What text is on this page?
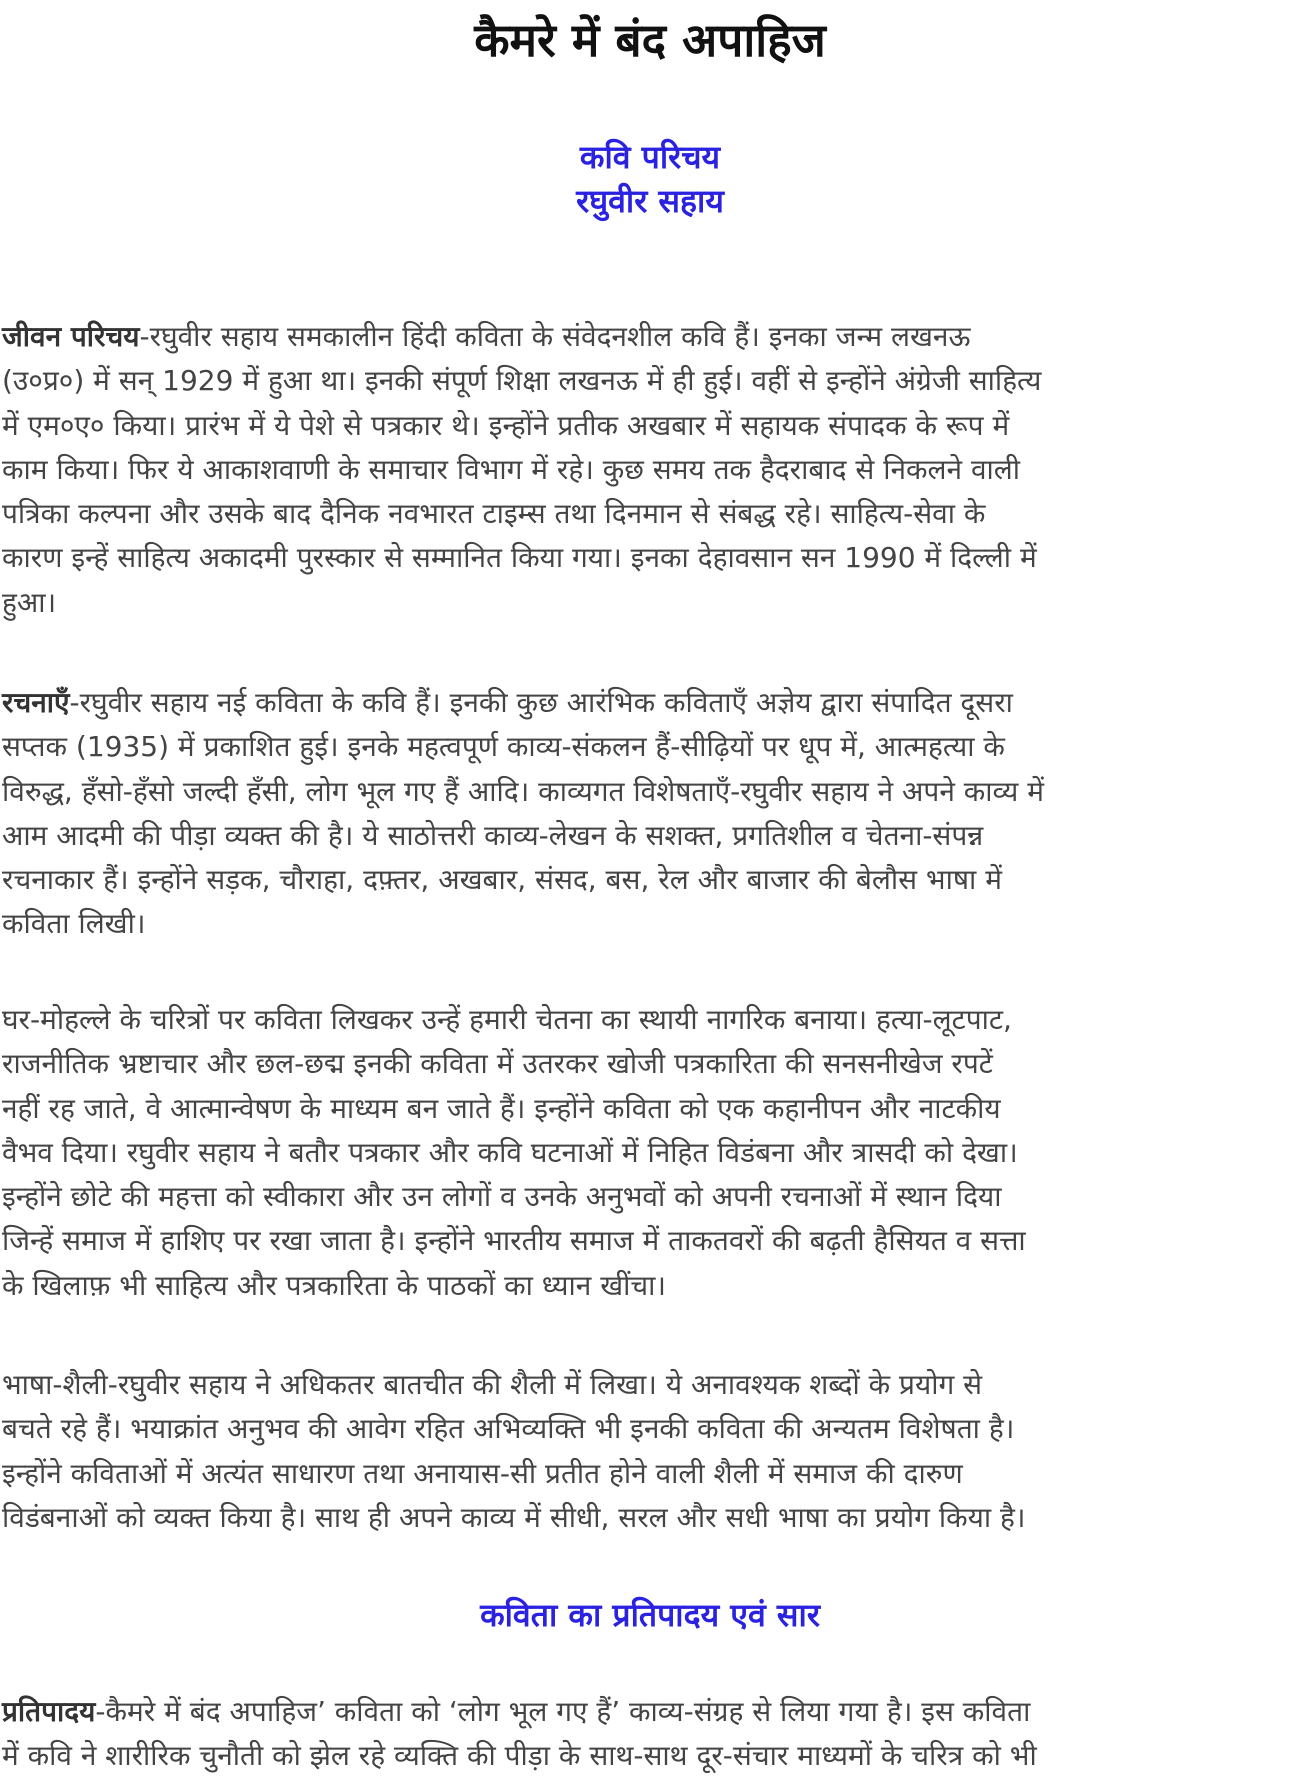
कैमरे में बंद अपाहिज
कवि परिचय
रघुवीर सहाय
जीवन परिचय-रघुवीर सहाय समकालीन हिंदी कविता के संवेदनशील कवि हैं। इनका जन्म लखनऊ
(उ०प्र०) में सन् 1929 में हुआ था। इनकी संपूर्ण शिक्षा लखनऊ में ही हुई। वहीं से इन्होंने अंग्रेजी साहित्य
में एम०ए० किया। प्रारंभ में ये पेशे से पत्रकार थे। इन्होंने प्रतीक अखबार में सहायक संपादक के रूप में
काम किया। फिर ये आकाशवाणी के समाचार विभाग में रहे। कुछ समय तक हैदराबाद से निकलने वाली
पत्रिका कल्पना और उसके बाद दैनिक नवभारत टाइम्स तथा दिनमान से संबद्ध रहे। साहित्य-सेवा के
कारण इन्हें साहित्य अकादमी पुरस्कार से सम्मानित किया गया। इनका देहावसान सन 1990 में दिल्ली में
हुआ।
रचनाएँ-रघुवीर सहाय नई कविता के कवि हैं। इनकी कुछ आरंभिक कविताएँ अज्ञेय द्वारा संपादित दूसरा
सप्तक (1935) में प्रकाशित हुई। इनके महत्वपूर्ण काव्य-संकलन हैं-सीढ़ियों पर धूप में, आत्महत्या के
विरुद्ध, हँसो-हँसो जल्दी हँसी, लोग भूल गए हैं आदि। काव्यगत विशेषताएँ-रघुवीर सहाय ने अपने काव्य में
आम आदमी की पीड़ा व्यक्त की है। ये साठोत्तरी काव्य-लेखन के सशक्त, प्रगतिशील व चेतना-संपन्न
रचनाकार हैं। इन्होंने सड़क, चौराहा, दफ़्तर, अखबार, संसद, बस, रेल और बाजार की बेलौस भाषा में
कविता लिखी।
घर-मोहल्ले के चरित्रों पर कविता लिखकर उन्हें हमारी चेतना का स्थायी नागरिक बनाया। हत्या-लूटपाट,
राजनीतिक भ्रष्टाचार और छल-छद्म इनकी कविता में उतरकर खोजी पत्रकारिता की सनसनीखेज रपटें
नहीं रह जाते, वे आत्मान्वेषण के माध्यम बन जाते हैं। इन्होंने कविता को एक कहानीपन और नाटकीय
वैभव दिया। रघुवीर सहाय ने बतौर पत्रकार और कवि घटनाओं में निहित विडंबना और त्रासदी को देखा।
इन्होंने छोटे की महत्ता को स्वीकारा और उन लोगों व उनके अनुभवों को अपनी रचनाओं में स्थान दिया
जिन्हें समाज में हाशिए पर रखा जाता है। इन्होंने भारतीय समाज में ताकतवरों की बढ़ती हैसियत व सत्ता
के खिलाफ़ भी साहित्य और पत्रकारिता के पाठकों का ध्यान खींचा।
भाषा-शैली-रघुवीर सहाय ने अधिकतर बातचीत की शैली में लिखा। ये अनावश्यक शब्दों के प्रयोग से
बचते रहे हैं। भयाक्रांत अनुभव की आवेग रहित अभिव्यक्ति भी इनकी कविता की अन्यतम विशेषता है।
इन्होंने कविताओं में अत्यंत साधारण तथा अनायास-सी प्रतीत होने वाली शैली में समाज की दारुण
विडंबनाओं को व्यक्त किया है। साथ ही अपने काव्य में सीधी, सरल और सधी भाषा का प्रयोग किया है।
कविता का प्रतिपादय एवं सार
प्रतिपादय-कैमरे में बंद अपाहिज’ कविता को ‘लोग भूल गए हैं’ काव्य-संग्रह से लिया गया है। इस कविता
में कवि ने शारीरिक चुनौती को झेल रहे व्यक्ति की पीड़ा के साथ-साथ दूर-संचार माध्यमों के चरित्र को भी
